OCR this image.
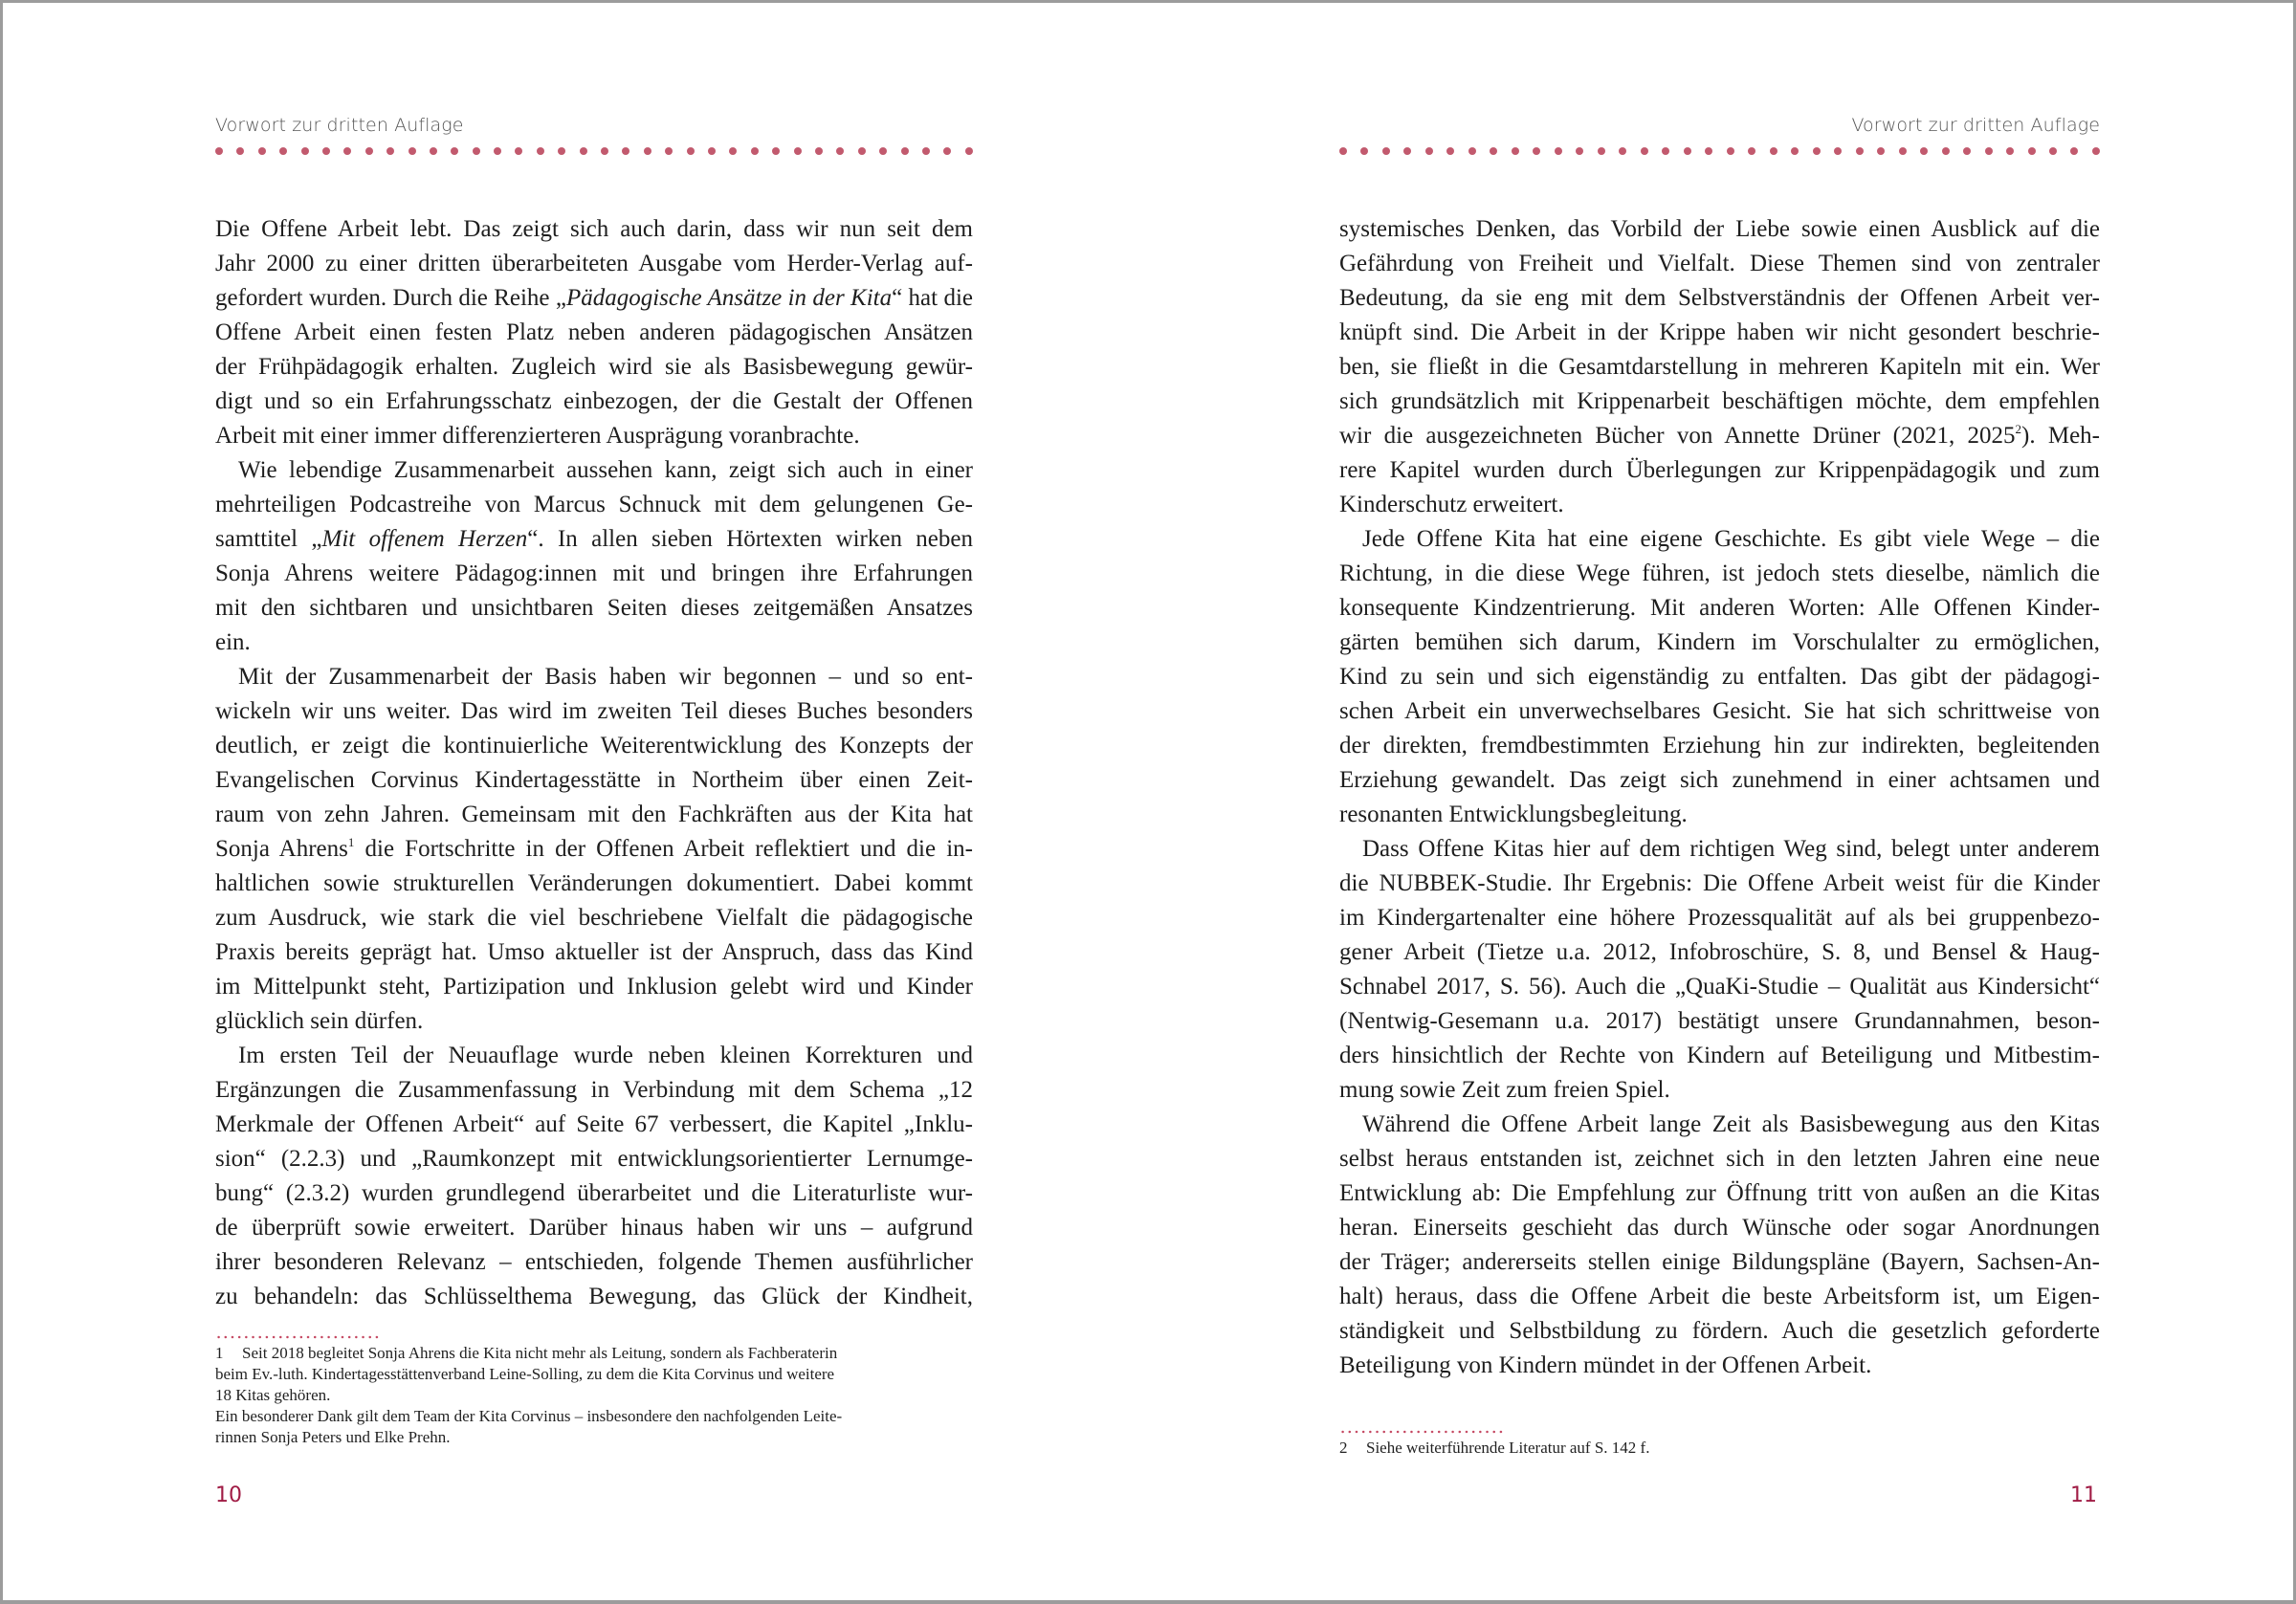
Vorwort zur dritten Auflage
Die Offene Arbeit lebt. Das zeigt sich auch darin, dass wir nun seit dem
Jahr 2000 zu einer dritten überarbeiteten Ausgabe vom Herder-Verlag auf-
gefordert wurden. Durch die Reihe „Pädagogische Ansätze in der Kita“ hat die
Offene Arbeit einen festen Platz neben anderen pädagogischen Ansätzen
der Frühpädagogik erhalten. Zugleich wird sie als Basisbewegung gewür-
digt und so ein Erfahrungsschatz einbezogen, der die Gestalt der Offenen
Arbeit mit einer immer differenzierteren Ausprägung voranbrachte.
Wie lebendige Zusammenarbeit aussehen kann, zeigt sich auch in einer
mehrteiligen Podcastreihe von Marcus Schnuck mit dem gelungenen Ge-
samttitel „Mit offenem Herzen“. In allen sieben Hörtexten wirken neben
Sonja Ahrens weitere Pädagog:innen mit und bringen ihre Erfahrungen
mit den sichtbaren und unsichtbaren Seiten dieses zeitgemäßen Ansatzes
ein.
Mit der Zusammenarbeit der Basis haben wir begonnen – und so ent-
wickeln wir uns weiter. Das wird im zweiten Teil dieses Buches besonders
deutlich, er zeigt die kontinuierliche Weiterentwicklung des Konzepts der
Evangelischen Corvinus Kindertagesstätte in Northeim über einen Zeit-
raum von zehn Jahren. Gemeinsam mit den Fachkräften aus der Kita hat
Sonja Ahrens$^1$ die Fortschritte in der Offenen Arbeit reflektiert und die in-
haltlichen sowie strukturellen Veränderungen dokumentiert. Dabei kommt
zum Ausdruck, wie stark die viel beschriebene Vielfalt die pädagogische
Praxis bereits geprägt hat. Umso aktueller ist der Anspruch, dass das Kind
im Mittelpunkt steht, Partizipation und Inklusion gelebt wird und Kinder
glücklich sein dürfen.
Im ersten Teil der Neuauflage wurde neben kleinen Korrekturen und
Ergänzungen die Zusammenfassung in Verbindung mit dem Schema „12
Merkmale der Offenen Arbeit“ auf Seite 67 verbessert, die Kapitel „Inklu-
sion“ (2.2.3) und „Raumkonzept mit entwicklungsorientierter Lernumge-
bung“ (2.3.2) wurden grundlegend überarbeitet und die Literaturliste wur-
de überprüft sowie erweitert. Darüber hinaus haben wir uns – aufgrund
ihrer besonderen Relevanz – entschieden, folgende Themen ausführlicher
zu behandeln: das Schlüsselthema Bewegung, das Glück der Kindheit,
1 Seit 2018 begleitet Sonja Ahrens die Kita nicht mehr als Leitung, sondern als Fachberaterin
beim Ev.-luth. Kindertagesstättenverband Leine-Solling, zu dem die Kita Corvinus und weitere
18 Kitas gehören.
Ein besonderer Dank gilt dem Team der Kita Corvinus – insbesondere den nachfolgenden Leite-
rinnen Sonja Peters und Elke Prehn.
10
Vorwort zur dritten Auflage
systemisches Denken, das Vorbild der Liebe sowie einen Ausblick auf die
Gefährdung von Freiheit und Vielfalt. Diese Themen sind von zentraler
Bedeutung, da sie eng mit dem Selbstverständnis der Offenen Arbeit ver-
knüpft sind. Die Arbeit in der Krippe haben wir nicht gesondert beschrie-
ben, sie fließt in die Gesamtdarstellung in mehreren Kapiteln mit ein. Wer
sich grundsätzlich mit Krippenarbeit beschäftigen möchte, dem empfehlen
wir die ausgezeichneten Bücher von Annette Drüner (2021, 2025$^2$). Meh-
rere Kapitel wurden durch Überlegungen zur Krippenpädagogik und zum
Kinderschutz erweitert.
Jede Offene Kita hat eine eigene Geschichte. Es gibt viele Wege – die
Richtung, in die diese Wege führen, ist jedoch stets dieselbe, nämlich die
konsequente Kindzentrierung. Mit anderen Worten: Alle Offenen Kinder-
gärten bemühen sich darum, Kindern im Vorschulalter zu ermöglichen,
Kind zu sein und sich eigenständig zu entfalten. Das gibt der pädagogi-
schen Arbeit ein unverwechselbares Gesicht. Sie hat sich schrittweise von
der direkten, fremdbestimmten Erziehung hin zur indirekten, begleitenden
Erziehung gewandelt. Das zeigt sich zunehmend in einer achtsamen und
resonanten Entwicklungsbegleitung.
Dass Offene Kitas hier auf dem richtigen Weg sind, belegt unter anderem
die NUBBEK-Studie. Ihr Ergebnis: Die Offene Arbeit weist für die Kinder
im Kindergartenalter eine höhere Prozessqualität auf als bei gruppenbezo-
gener Arbeit (Tietze u.a. 2012, Infobroschüre, S. 8, und Bensel & Haug-
Schnabel 2017, S. 56). Auch die „QuaKi-Studie – Qualität aus Kindersicht“
(Nentwig-Gesemann u.a. 2017) bestätigt unsere Grundannahmen, beson-
ders hinsichtlich der Rechte von Kindern auf Beteiligung und Mitbestim-
mung sowie Zeit zum freien Spiel.
Während die Offene Arbeit lange Zeit als Basisbewegung aus den Kitas
selbst heraus entstanden ist, zeichnet sich in den letzten Jahren eine neue
Entwicklung ab: Die Empfehlung zur Öffnung tritt von außen an die Kitas
heran. Einerseits geschieht das durch Wünsche oder sogar Anordnungen
der Träger; andererseits stellen einige Bildungspläne (Bayern, Sachsen-An-
halt) heraus, dass die Offene Arbeit die beste Arbeitsform ist, um Eigen-
ständigkeit und Selbstbildung zu fördern. Auch die gesetzlich geforderte
Beteiligung von Kindern mündet in der Offenen Arbeit.
2 Siehe weiterführende Literatur auf S. 142 f.
11
